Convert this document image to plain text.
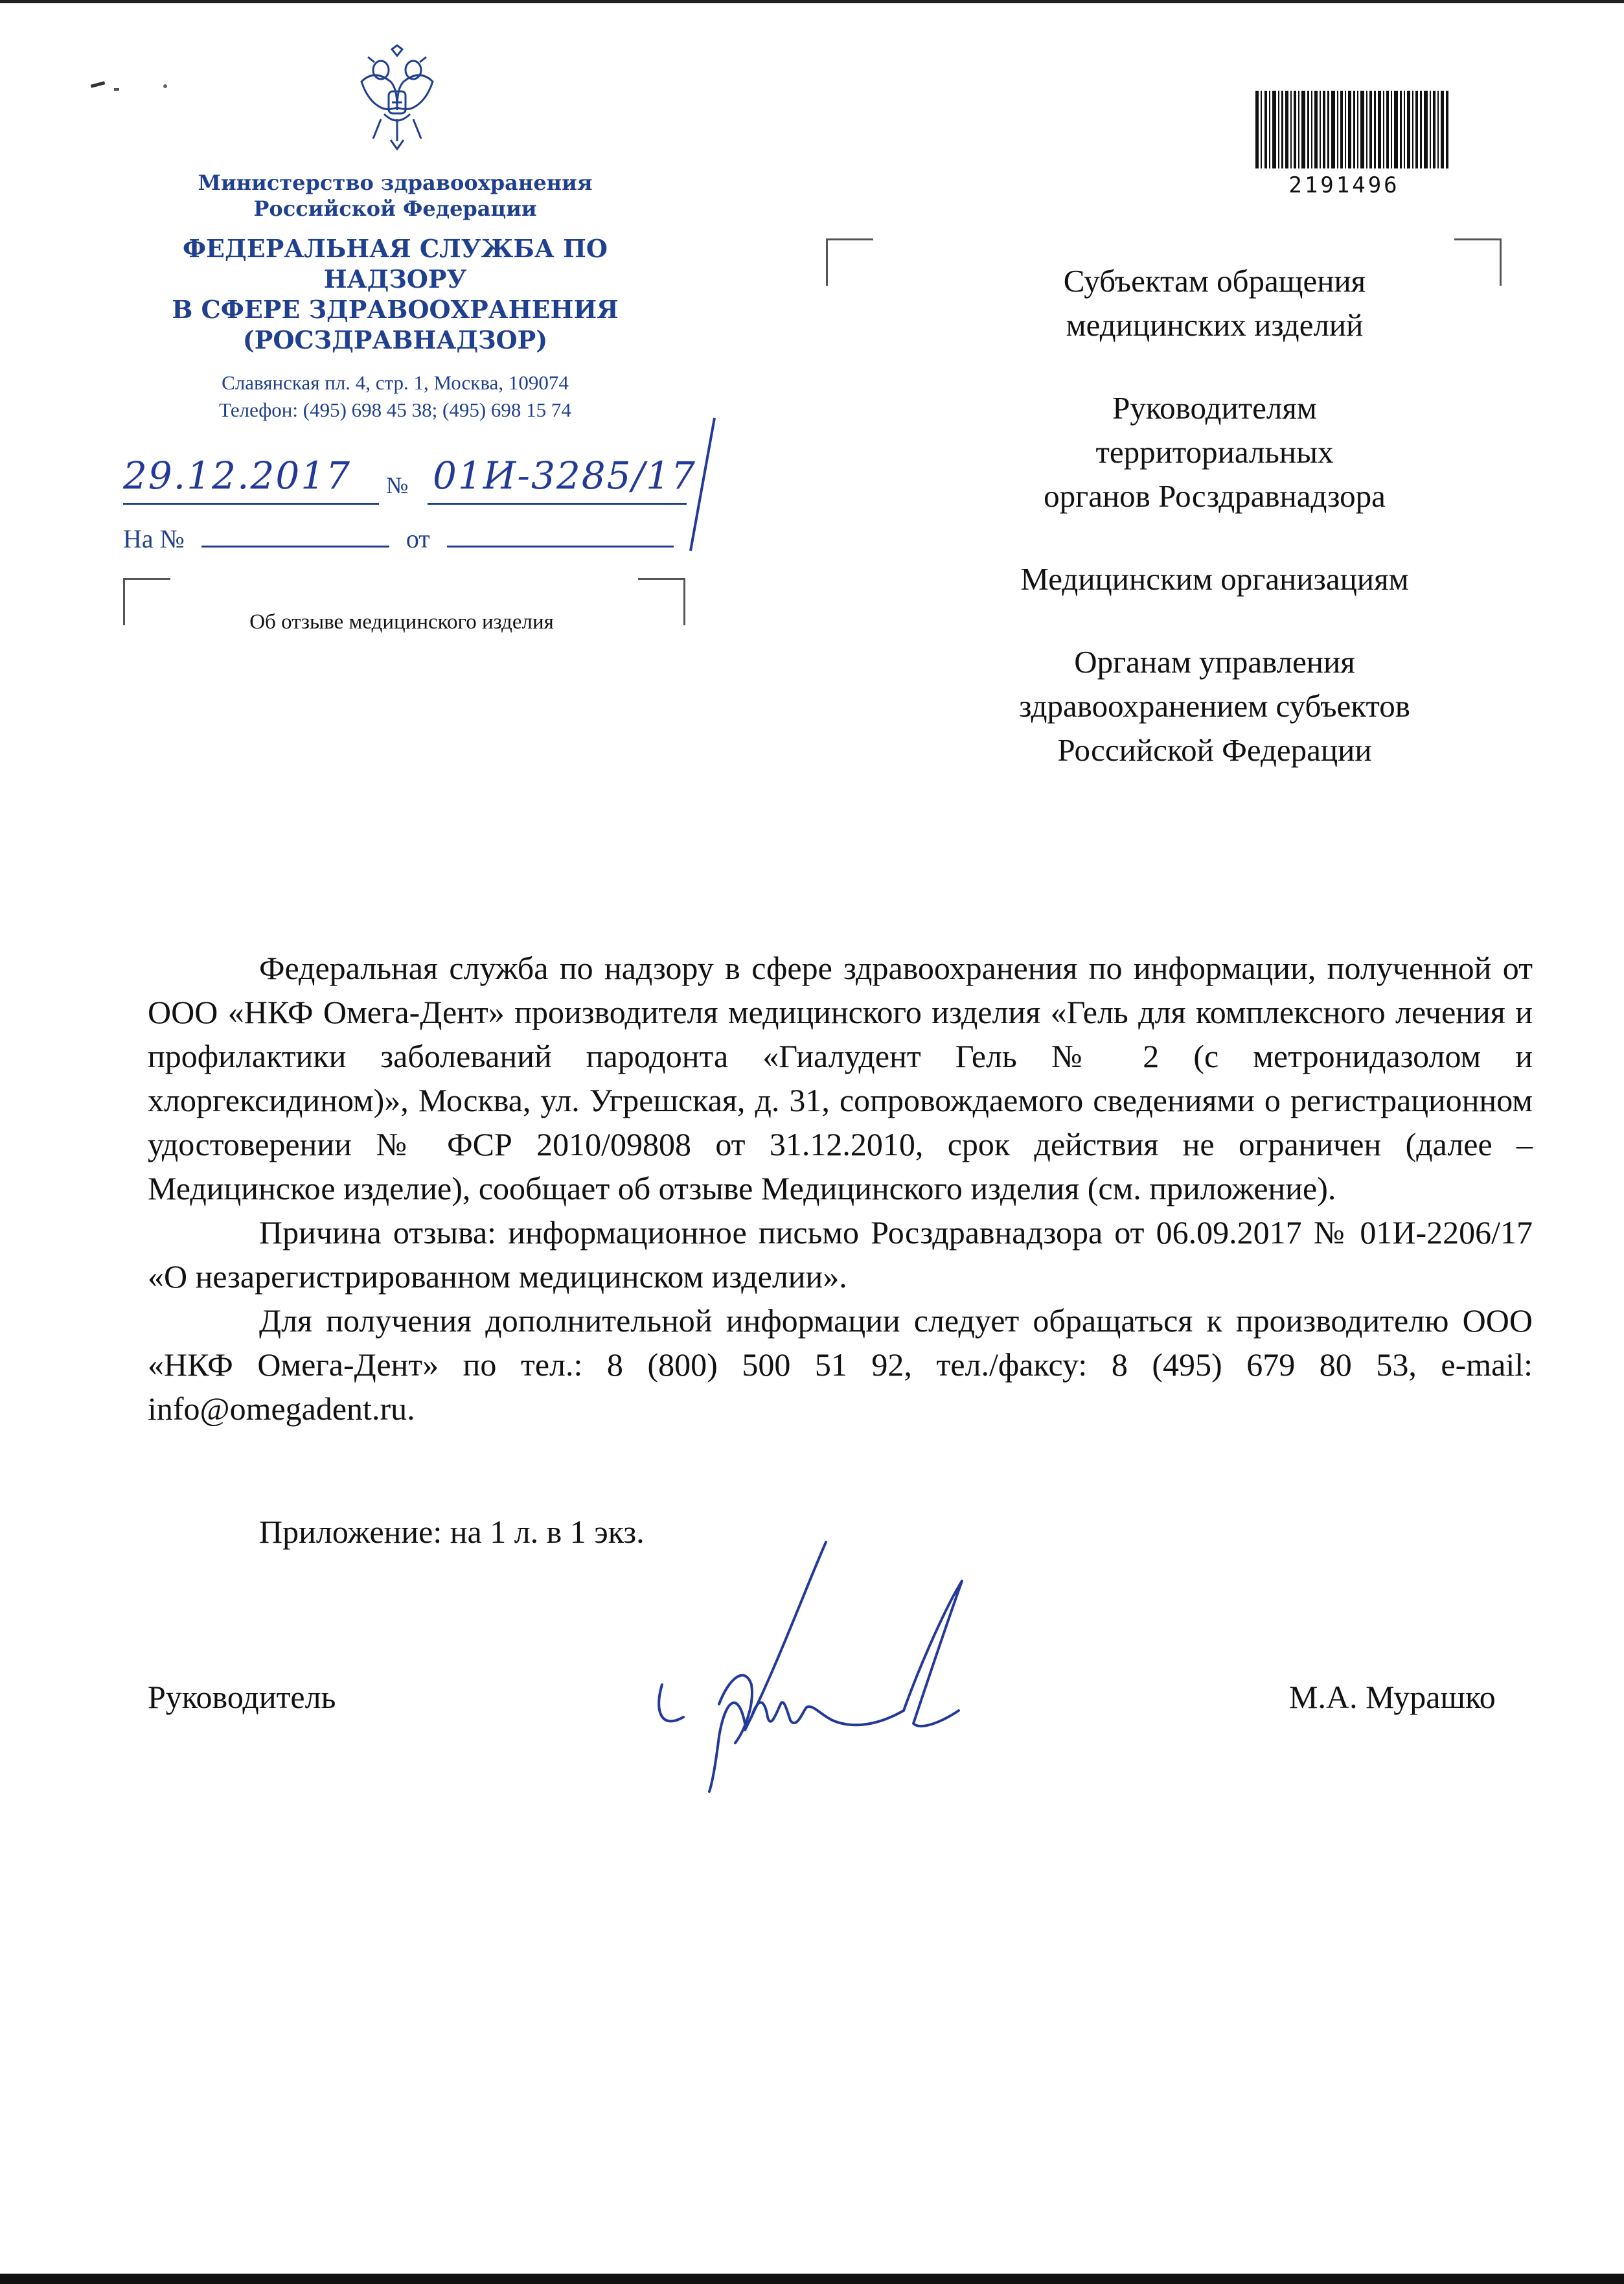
Министерство здравоохранения
Российской Федерации
ФЕДЕРАЛЬНАЯ СЛУЖБА ПО НАДЗОРУ
В СФЕРЕ ЗДРАВООХРАНЕНИЯ
(РОСЗДРАВНАДЗОР)
Славянская пл. 4, стр. 1, Москва, 109074
Телефон: (495) 698 45 38; (495) 698 15 74
29.12.2017 № 01И-3285/17
На №	от
Об отзыве медицинского изделия
2191496

Субъектам обращения
медицинских изделий

Руководителям
территориальных
органов Росздравнадзора

Медицинским организациям

Органам управления
здравоохранением субъектов
Российской Федерации

Федеральная служба по надзору в сфере здравоохранения по информации, полученной от ООО «НКФ Омега-Дент» производителя медицинского изделия «Гель для комплексного лечения и профилактики заболеваний пародонта «Гиалудент Гель № 2 (с метронидазолом и хлоргексидином)», Москва, ул. Угрешская, д. 31, сопровождаемого сведениями о регистрационном удостоверении № ФСР 2010/09808 от 31.12.2010, срок действия не ограничен (далее – Медицинское изделие), сообщает об отзыве Медицинского изделия (см. приложение).

Причина отзыва: информационное письмо Росздравнадзора от 06.09.2017 № 01И-2206/17 «О незарегистрированном медицинском изделии».

Для получения дополнительной информации следует обращаться к производителю ООО «НКФ Омега-Дент» по тел.: 8 (800) 500 51 92, тел./факсу: 8 (495) 679 80 53, e-mail: info@omegadent.ru.

Приложение: на 1 л. в 1 экз.
Руководитель	М.А. Мурашко
